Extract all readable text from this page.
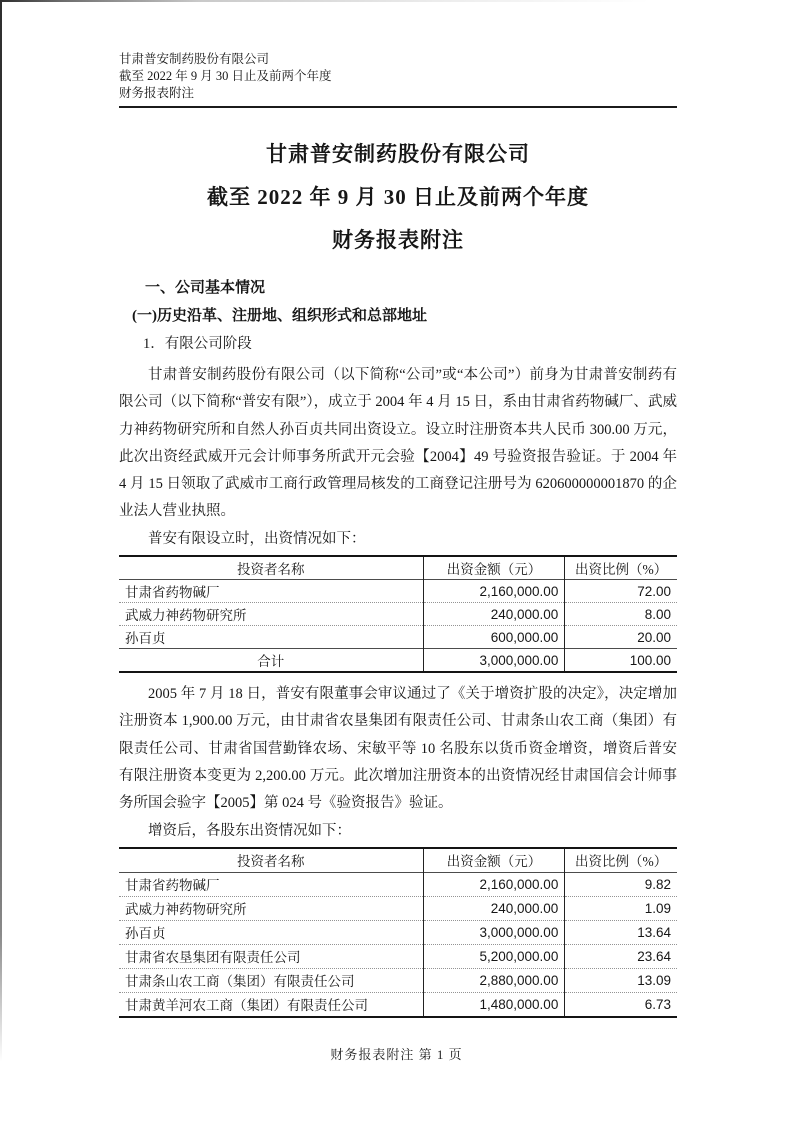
甘肃普安制药股份有限公司
截至 2022 年 9 月 30 日止及前两个年度
财务报表附注
甘肃普安制药股份有限公司
截至 2022 年 9 月 30 日止及前两个年度
财务报表附注
一、公司基本情况
(一)历史沿革、注册地、组织形式和总部地址
1．有限公司阶段

甘肃普安制药股份有限公司（以下简称“公司”或“本公司”）前身为甘肃普安制药有限公司（以下简称“普安有限”），成立于 2004 年 4 月 15 日，系由甘肃省药物碱厂、武威力神药物研究所和自然人孙百贞共同出资设立。设立时注册资本共人民币 300.00 万元，此次出资经武威开元会计师事务所武开元会验【2004】49 号验资报告验证。于 2004 年 4 月 15 日领取了武威市工商行政管理局核发的工商登记注册号为 620600000001870 的企业法人营业执照。

普安有限设立时，出资情况如下：

投资者名称	出资金额（元）	出资比例（%）
甘肃省药物碱厂	2,160,000.00	72.00
武威力神药物研究所	240,000.00	8.00
孙百贞	600,000.00	20.00
合计	3,000,000.00	100.00

2005 年 7 月 18 日，普安有限董事会审议通过了《关于增资扩股的决定》，决定增加注册资本 1,900.00 万元，由甘肃省农垦集团有限责任公司、甘肃条山农工商（集团）有限责任公司、甘肃省国营勤锋农场、宋敏平等 10 名股东以货币资金增资，增资后普安有限注册资本变更为 2,200.00 万元。此次增加注册资本的出资情况经甘肃国信会计师事务所国会验字【2005】第 024 号《验资报告》验证。

增资后，各股东出资情况如下：

投资者名称	出资金额（元）	出资比例（%）
甘肃省药物碱厂	2,160,000.00	9.82
武威力神药物研究所	240,000.00	1.09
孙百贞	3,000,000.00	13.64
甘肃省农垦集团有限责任公司	5,200,000.00	23.64
甘肃条山农工商（集团）有限责任公司	2,880,000.00	13.09
甘肃黄羊河农工商（集团）有限责任公司	1,480,000.00	6.73
财务报表附注 第 1 页
